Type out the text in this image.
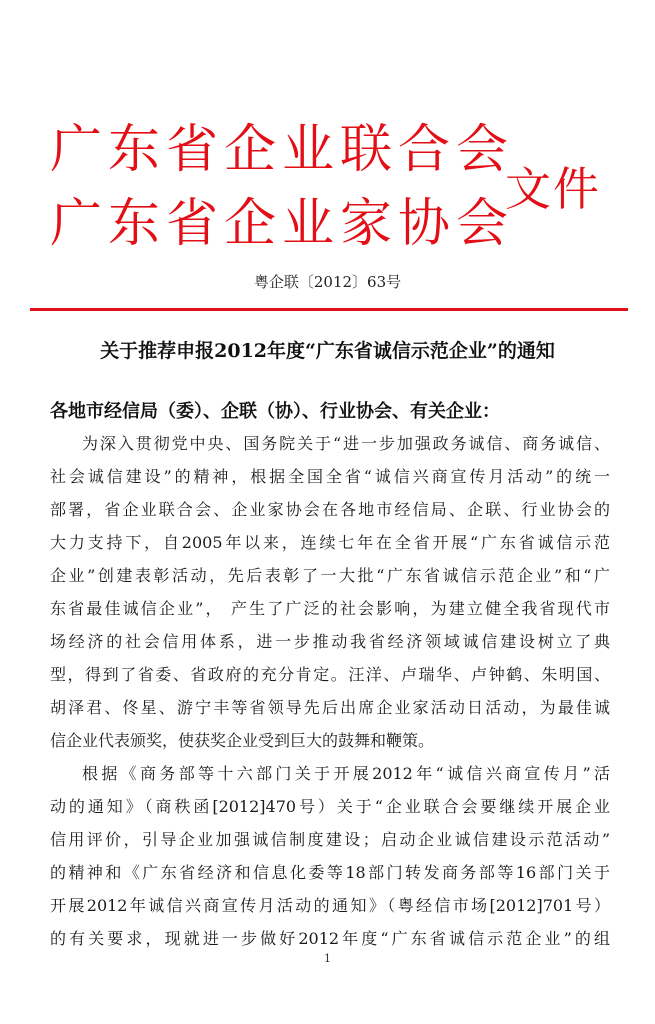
广东省企业联合会
广东省企业家协会
文件
粤企联〔2012〕63号
关于推荐申报2012年度“广东省诚信示范企业”的通知
各地市经信局（委）、企联（协）、行业协会、有关企业：
为深入贯彻党中央、国务院关于“进一步加强政务诚信、商务诚信、
社会诚信建设”的精神，根据全国全省“诚信兴商宣传月活动”的统一
部署，省企业联合会、企业家协会在各地市经信局、企联、行业协会的
大力支持下，自2005年以来，连续七年在全省开展“广东省诚信示范
企业”创建表彰活动，先后表彰了一大批“广东省诚信示范企业”和“广
东省最佳诚信企业”， 产生了广泛的社会影响，为建立健全我省现代市
场经济的社会信用体系，进一步推动我省经济领域诚信建设树立了典
型，得到了省委、省政府的充分肯定。汪洋、卢瑞华、卢钟鹤、朱明国、
胡泽君、佟星、游宁丰等省领导先后出席企业家活动日活动，为最佳诚
信企业代表颁奖，使获奖企业受到巨大的鼓舞和鞭策。
根据《商务部等十六部门关于开展2012年“诚信兴商宣传月”活
动的通知》（商秩函[2012]470号）关于“企业联合会要继续开展企业
信用评价，引导企业加强诚信制度建设；启动企业诚信建设示范活动”
的精神和《广东省经济和信息化委等18部门转发商务部等16部门关于
开展2012年诚信兴商宣传月活动的通知》（粤经信市场[2012]701号）
的有关要求，现就进一步做好2012年度“广东省诚信示范企业”的组
1
